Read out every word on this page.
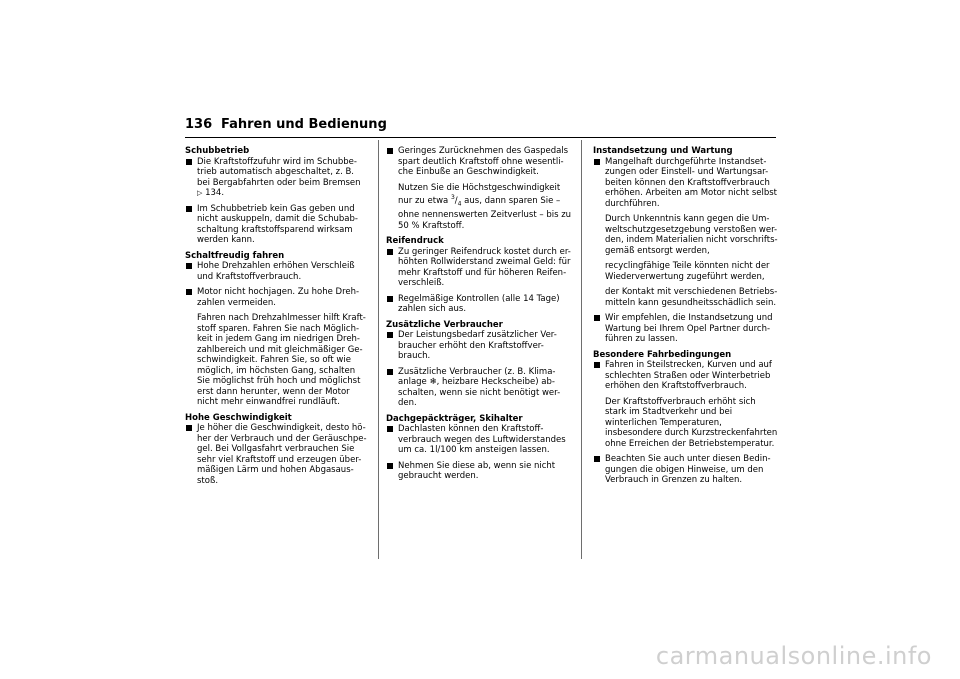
136 Fahren und Bedienung
Schubbetrieb
Die Kraftstoffzufuhr wird im Schubbe-trieb automatisch abgeschaltet, z. B. bei Bergabfahrten oder beim Bremsen ▷ 134.
Im Schubbetrieb kein Gas geben und nicht auskuppeln, damit die Schubab-schaltung kraftstoffsparend wirksam werden kann.
Schaltfreudig fahren
Hohe Drehzahlen erhöhen Verschleiß und Kraftstoffverbrauch.
Motor nicht hochjagen. Zu hohe Dreh-zahlen vermeiden.
Fahren nach Drehzahlmesser hilft Kraft-stoff sparen. Fahren Sie nach Möglich-keit in jedem Gang im niedrigen Dreh-zahlbereich und mit gleichmäßiger Ge-schwindigkeit. Fahren Sie, so oft wie möglich, im höchsten Gang, schalten Sie möglichst früh hoch und möglichst erst dann herunter, wenn der Motor nicht mehr einwandfrei rundläuft.
Hohe Geschwindigkeit
Je höher die Geschwindigkeit, desto hö-her der Verbrauch und der Geräuschpe-gel. Bei Vollgasfahrt verbrauchen Sie sehr viel Kraftstoff und erzeugen über-mäßigen Lärm und hohen Abgasaus-stoß.
Geringes Zurücknehmen des Gaspedals spart deutlich Kraftstoff ohne wesentli-che Einbuße an Geschwindigkeit.
Nutzen Sie die Höchstgeschwindigkeit nur zu etwa $^3/_4$ aus, dann sparen Sie – ohne nennenswerten Zeitverlust – bis zu 50 % Kraftstoff.
Reifendruck
Zu geringer Reifendruck kostet durch er-höhten Rollwiderstand zweimal Geld: für mehr Kraftstoff und für höheren Reifen-verschleiß.
Regelmäßige Kontrollen (alle 14 Tage) zahlen sich aus.
Zusätzliche Verbraucher
Der Leistungsbedarf zusätzlicher Ver-braucher erhöht den Kraftstoffver-brauch.
Zusätzliche Verbraucher (z. B. Klima-anlage ❄, heizbare Heckscheibe) ab-schalten, wenn sie nicht benötigt wer-den.
Dachgepäckträger, Skihalter
Dachlasten können den Kraftstoff-verbrauch wegen des Luftwiderstandes um ca. 1l/100 km ansteigen lassen.
Nehmen Sie diese ab, wenn sie nicht gebraucht werden.
Instandsetzung und Wartung
Mangelhaft durchgeführte Instandset-zungen oder Einstell- und Wartungsar-beiten können den Kraftstoffverbrauch erhöhen. Arbeiten am Motor nicht selbst durchführen.
Durch Unkenntnis kann gegen die Um-weltschutzgesetzgebung verstoßen wer-den, indem Materialien nicht vorschrifts-gemäß entsorgt werden,
recyclingfähige Teile könnten nicht der Wiederverwertung zugeführt werden,
der Kontakt mit verschiedenen Betriebs-mitteln kann gesundheitsschädlich sein.
Wir empfehlen, die Instandsetzung und Wartung bei Ihrem Opel Partner durch-führen zu lassen.
Besondere Fahrbedingungen
Fahren in Steilstrecken, Kurven und auf schlechten Straßen oder Winterbetrieb erhöhen den Kraftstoffverbrauch.
Der Kraftstoffverbrauch erhöht sich stark im Stadtverkehr und bei winterlichen Temperaturen, insbesondere durch Kurzstreckenfahrten ohne Erreichen der Betriebstemperatur.
Beachten Sie auch unter diesen Bedin-gungen die obigen Hinweise, um den Verbrauch in Grenzen zu halten.
carmanualsonline.info
